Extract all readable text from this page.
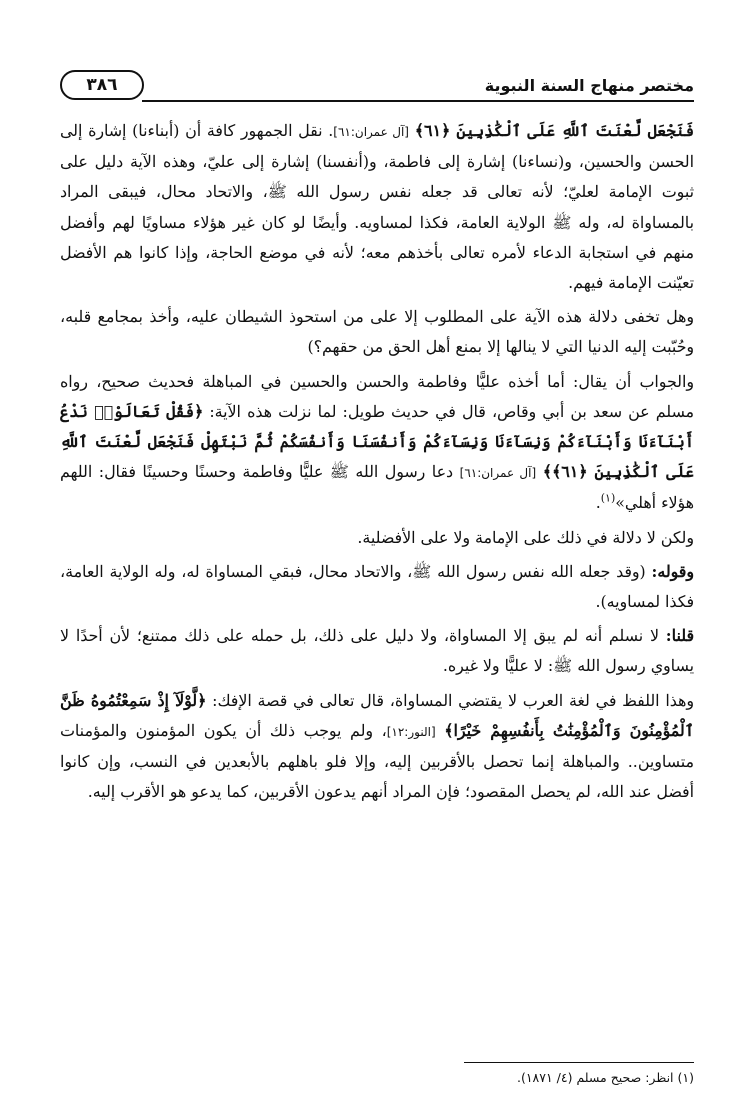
مختصر منهاج السنة النبوية
٣٨٦

فَنَجْعَل لَّعْنَتَ ٱللَّهِ عَلَى ٱلْكَٰذِبِينَ ﴿٦١﴾ [آل عمران:٦١]. نقل الجمهور كافة أن (أبناءنا) إشارة إلى الحسن والحسين، و(نساءنا) إشارة إلى فاطمة، و(أنفسنا) إشارة إلى عليّ، وهذه الآية دليل على ثبوت الإمامة لعليّ؛ لأنه تعالى قد جعله نفس رسول الله ﷺ، والاتحاد محال، فيبقى المراد بالمساواة له، وله ﷺ الولاية العامة، فكذا لمساويه. وأيضًا لو كان غير هؤلاء مساويًا لهم وأفضل منهم في استجابة الدعاء لأمره تعالى بأخذهم معه؛ لأنه في موضع الحاجة، وإذا كانوا هم الأفضل تعيّنت الإمامة فيهم.

وهل تخفى دلالة هذه الآية على المطلوب إلا على من استحوذ الشيطان عليه، وأخذ بمجامع قلبه، وحُبّبت إليه الدنيا التي لا ينالها إلا بمنع أهل الحق من حقهم؟)

والجواب أن يقال: أما أخذه عليًّا وفاطمة والحسن والحسين في المباهلة فحديث صحيح، رواه مسلم عن سعد بن أبي وقاص، قال في حديث طويل: لما نزلت هذه الآية: ﴿فَقُلْ تَعَالَوْا۟ نَدْعُ أَبْنَآءَنَا وَأَبْنَآءَكُمْ وَنِسَآءَنَا وَنِسَآءَكُمْ وَأَنفُسَنَا وَأَنفُسَكُمْ ثُمَّ نَبْتَهِلْ فَنَجْعَل لَّعْنَتَ ٱللَّهِ عَلَى ٱلْكَٰذِبِينَ ﴿٦١﴾﴾ [آل عمران:٦١] دعا رسول الله ﷺ عليًّا وفاطمة وحسنًا وحسينًا فقال: اللهم هؤلاء أهلي»$^{(١)}$.

ولكن لا دلالة في ذلك على الإمامة ولا على الأفضلية.

وقوله: (وقد جعله الله نفس رسول الله ﷺ، والاتحاد محال، فبقي المساواة له، وله الولاية العامة، فكذا لمساويه).

قلنا: لا نسلم أنه لم يبق إلا المساواة، ولا دليل على ذلك، بل حمله على ذلك ممتنع؛ لأن أحدًا لا يساوي رسول الله ﷺ: لا عليًّا ولا غيره.

وهذا اللفظ في لغة العرب لا يقتضي المساواة، قال تعالى في قصة الإفك: ﴿لَّوْلَآ إِذْ سَمِعْتُمُوهُ ظَنَّ ٱلْمُؤْمِنُونَ وَٱلْمُؤْمِنَٰتُ بِأَنفُسِهِمْ خَيْرًا﴾ [النور:١٢]، ولم يوجب ذلك أن يكون المؤمنون والمؤمنات متساوين.. والمباهلة إنما تحصل بالأقربين إليه، وإلا فلو باهلهم بالأبعدين في النسب، وإن كانوا أفضل عند الله، لم يحصل المقصود؛ فإن المراد أنهم يدعون الأقربين، كما يدعو هو الأقرب إليه.

(١) انظر: صحيح مسلم (٤/ ١٨٧١).
